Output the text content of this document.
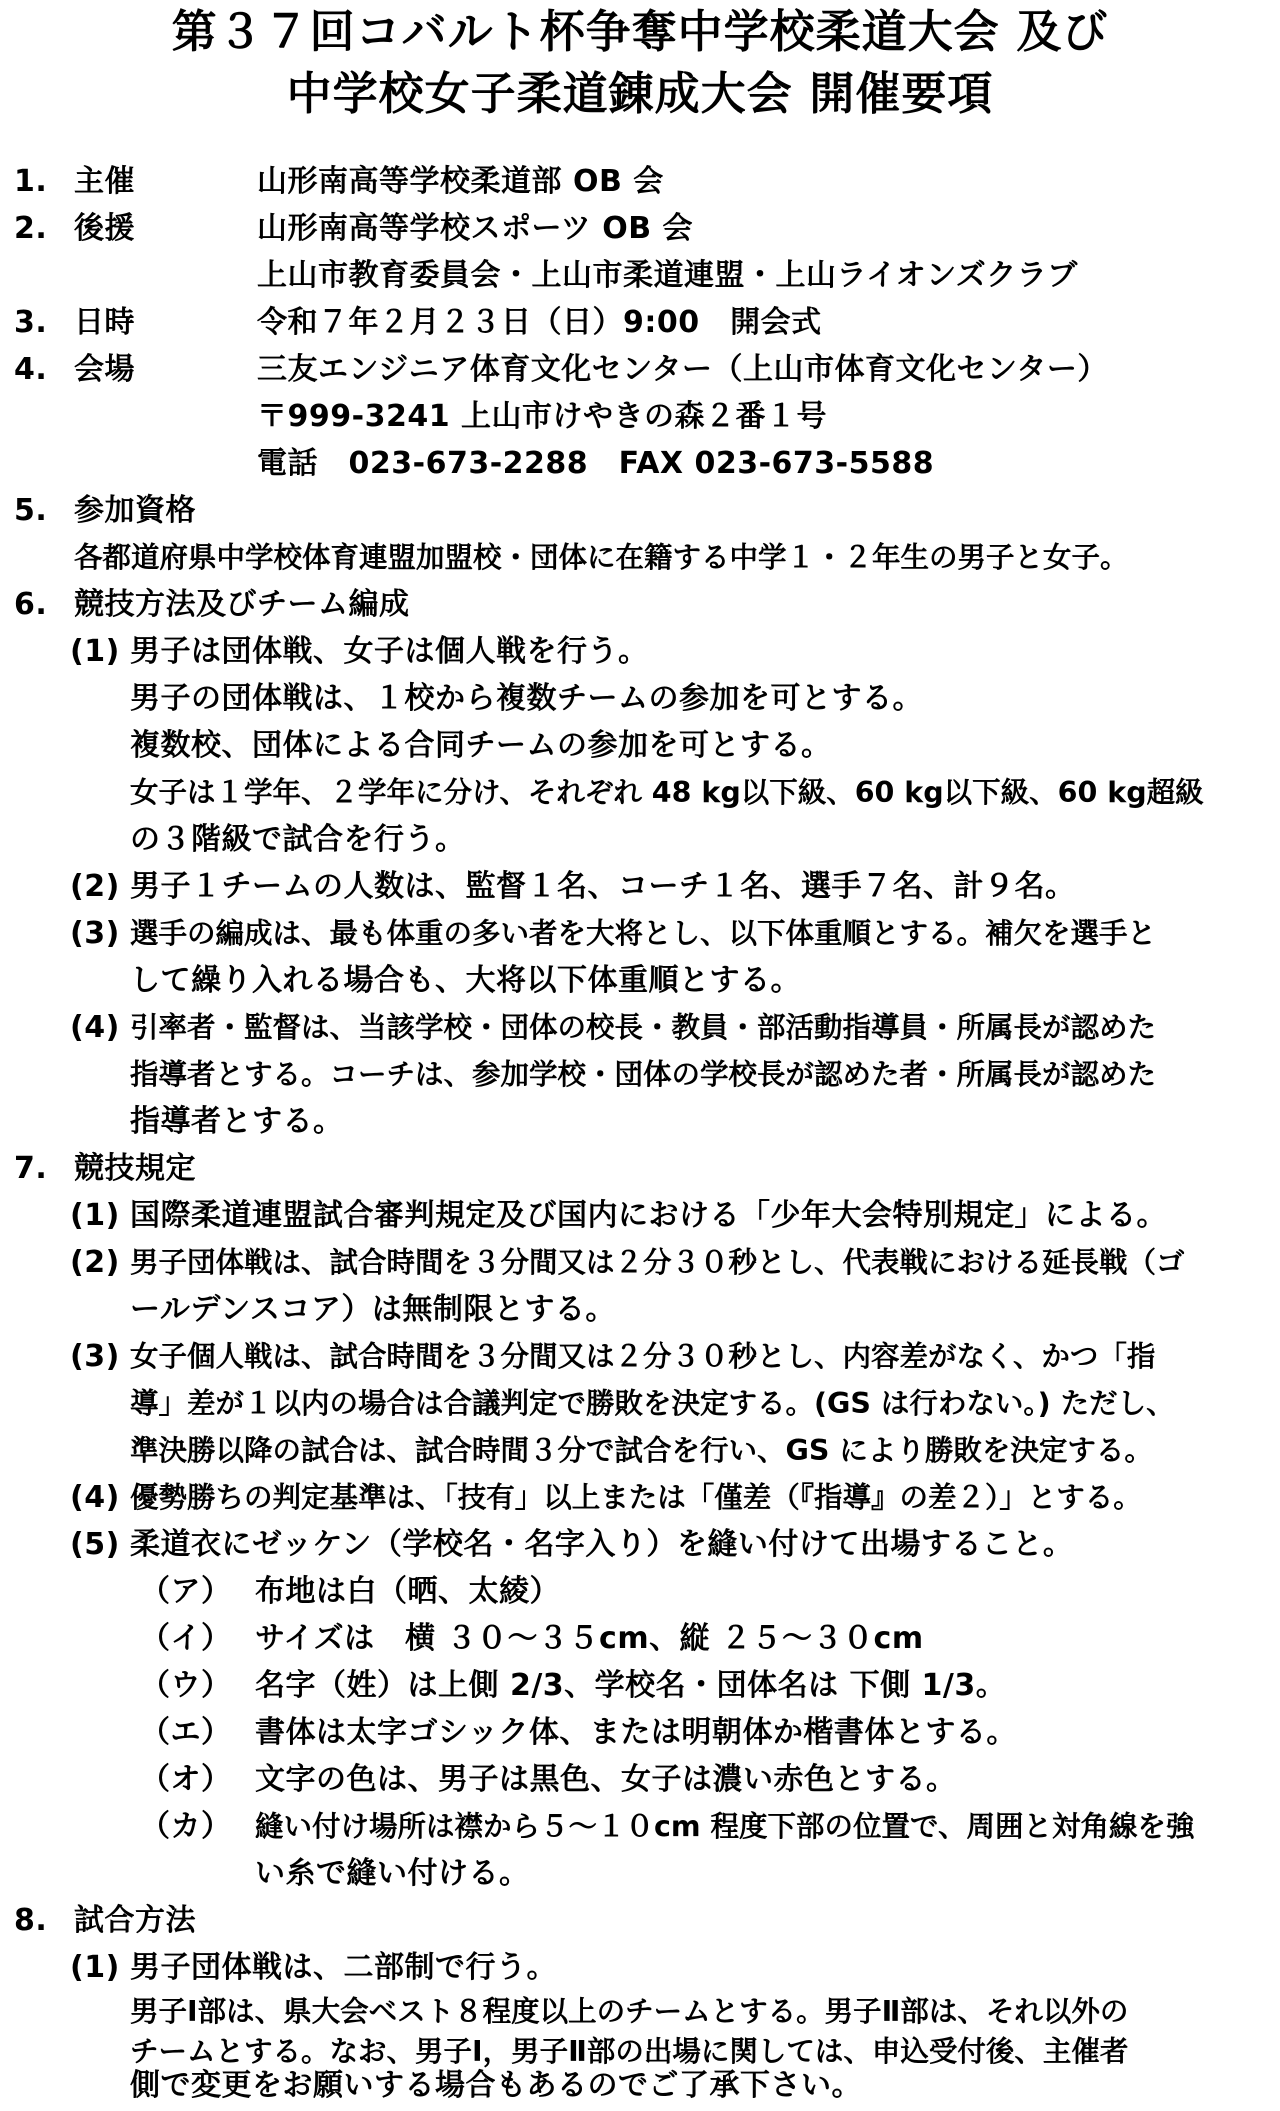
第３７回コバルト杯争奪中学校柔道大会 及び
中学校女子柔道錬成大会 開催要項
1. 主催	山形南高等学校柔道部 OB 会
2. 後援	山形南高等学校スポーツ OB 会
上山市教育委員会・上山市柔道連盟・上山ライオンズクラブ
3. 日時	令和７年２月２３日（日）9:00　開会式
4. 会場	三友エンジニア体育文化センター（上山市体育文化センター）
〒999-3241 上山市けやきの森２番１号
電話　023-673-2288　FAX 023-673-5588
5. 参加資格
各都道府県中学校体育連盟加盟校・団体に在籍する中学１・２年生の男子と女子。
6. 競技方法及びチーム編成
(1) 男子は団体戦、女子は個人戦を行う。
男子の団体戦は、１校から複数チームの参加を可とする。
複数校、団体による合同チームの参加を可とする。
女子は１学年、２学年に分け、それぞれ 48 kg以下級、60 kg以下級、60 kg超級
の３階級で試合を行う。
(2) 男子１チームの人数は、監督１名、コーチ１名、選手７名、計９名。
(3) 選手の編成は、最も体重の多い者を大将とし、以下体重順とする。補欠を選手と
して繰り入れる場合も、大将以下体重順とする。
(4) 引率者・監督は、当該学校・団体の校長・教員・部活動指導員・所属長が認めた
指導者とする。コーチは、参加学校・団体の学校長が認めた者・所属長が認めた
指導者とする。
7. 競技規定
(1) 国際柔道連盟試合審判規定及び国内における「少年大会特別規定」による。
(2) 男子団体戦は、試合時間を３分間又は２分３０秒とし、代表戦における延長戦（ゴ
ールデンスコア）は無制限とする。
(3) 女子個人戦は、試合時間を３分間又は２分３０秒とし、内容差がなく、かつ「指
導」差が１以内の場合は合議判定で勝敗を決定する。(GS は行わない。) ただし、
準決勝以降の試合は、試合時間３分で試合を行い、GS により勝敗を決定する。
(4) 優勢勝ちの判定基準は、「技有」以上または「僅差（『指導』の差２）」とする。
(5) 柔道衣にゼッケン（学校名・名字入り）を縫い付けて出場すること。
（ア） 布地は白（晒、太綾）
（イ） サイズは　横 ３０～３５cm、縦 ２５～３０cm
（ウ） 名字（姓）は上側 2/3、学校名・団体名は 下側 1/3。
（エ） 書体は太字ゴシック体、または明朝体か楷書体とする。
（オ） 文字の色は、男子は黒色、女子は濃い赤色とする。
（カ） 縫い付け場所は襟から５～１０cm 程度下部の位置で、周囲と対角線を強
い糸で縫い付ける。
8. 試合方法
(1) 男子団体戦は、二部制で行う。
男子Ⅰ部は、県大会ベスト８程度以上のチームとする。男子Ⅱ部は、それ以外の
チームとする。なお、男子Ⅰ，男子Ⅱ部の出場に関しては、申込受付後、主催者
側で変更をお願いする場合もあるのでご了承下さい。
